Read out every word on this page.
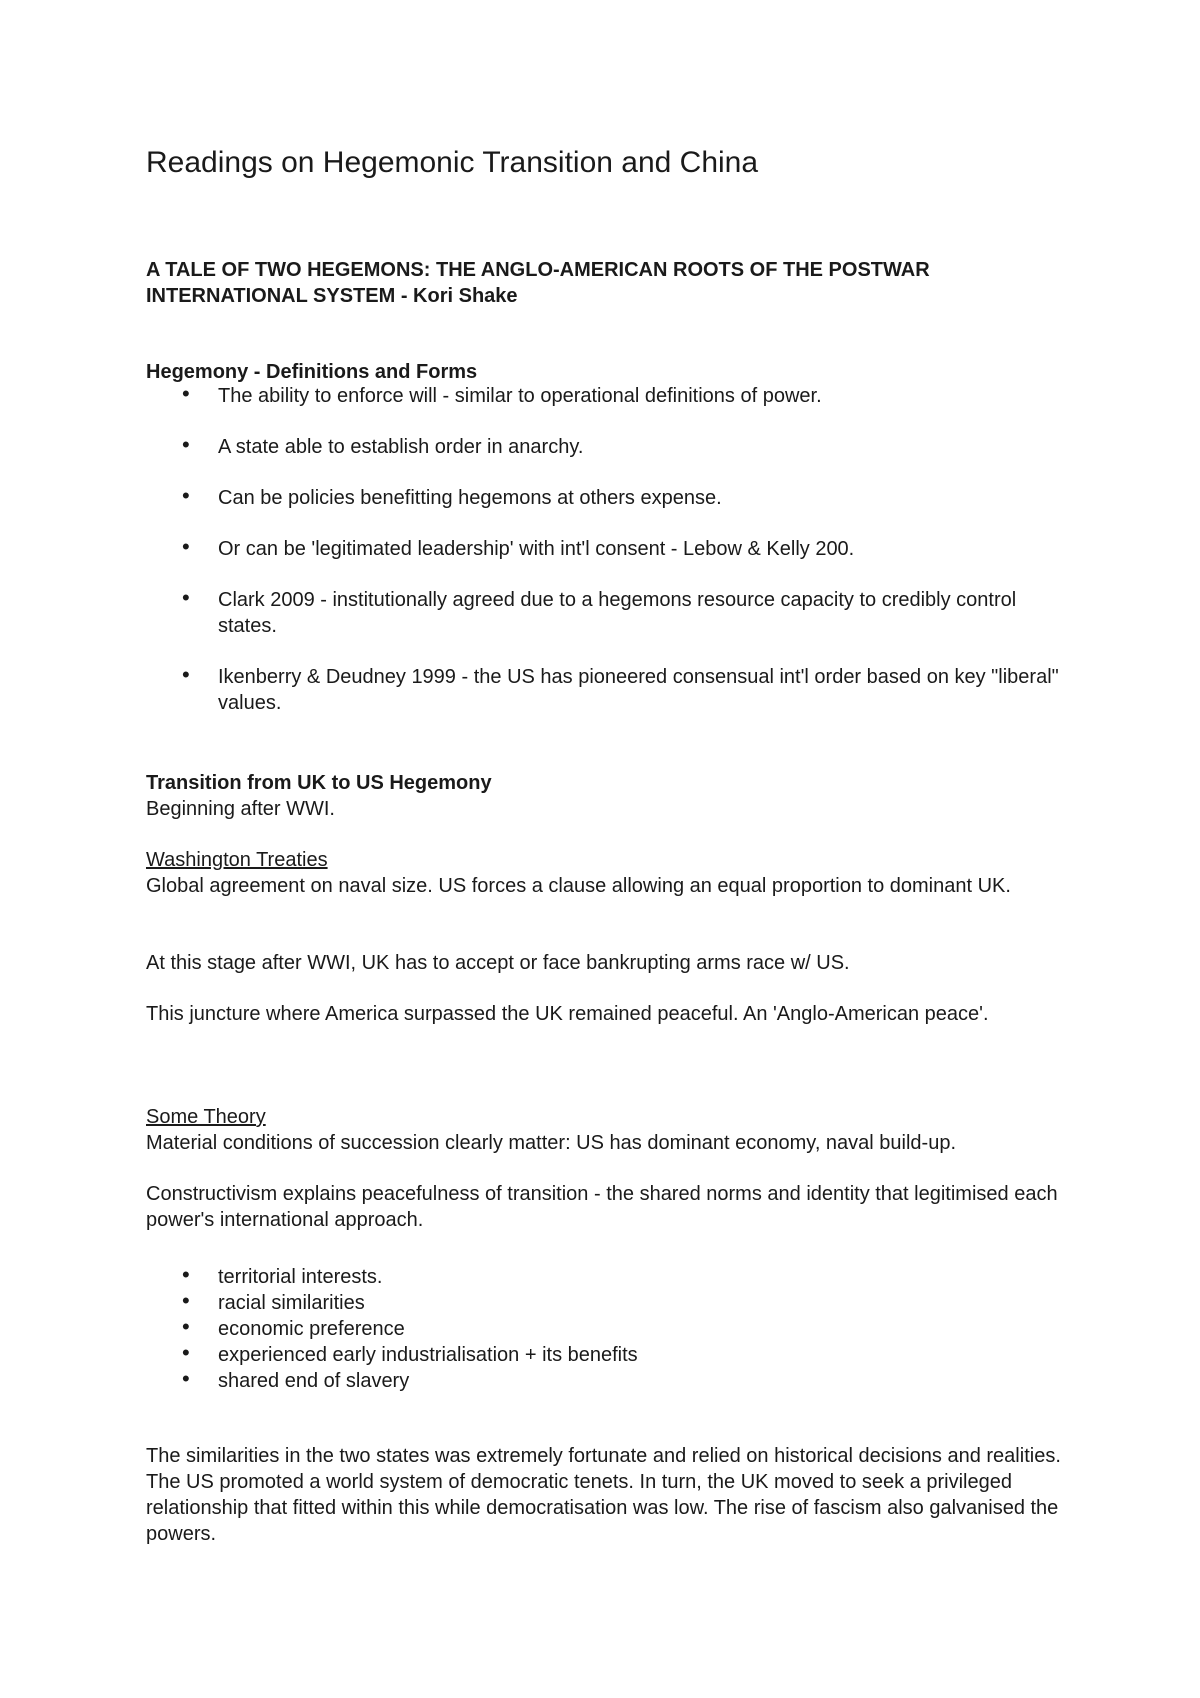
Readings on Hegemonic Transition and China
A TALE OF TWO HEGEMONS: THE ANGLO-AMERICAN ROOTS OF THE POSTWAR
INTERNATIONAL SYSTEM - Kori Shake
Hegemony - Definitions and Forms
• The ability to enforce will - similar to operational definitions of power.
• A state able to establish order in anarchy.
• Can be policies benefitting hegemons at others expense.
• Or can be 'legitimated leadership' with int'l consent - Lebow & Kelly 200.
• Clark 2009 - institutionally agreed due to a hegemons resource capacity to credibly control states.
• Ikenberry & Deudney 1999 - the US has pioneered consensual int'l order based on key "liberal" values.
Transition from UK to US Hegemony

Beginning after WWI.

Washington Treaties

Global agreement on naval size. US forces a clause allowing an equal proportion to dominant UK.

At this stage after WWI, UK has to accept or face bankrupting arms race w/ US.

This juncture where America surpassed the UK remained peaceful. An 'Anglo-American peace'.

Some Theory

Material conditions of succession clearly matter: US has dominant economy, naval build-up.

Constructivism explains peacefulness of transition - the shared norms and identity that legitimised each power's international approach.

• territorial interests.
• racial similarities
• economic preference
• experienced early industrialisation + its benefits
• shared end of slavery

The similarities in the two states was extremely fortunate and relied on historical decisions and realities. The US promoted a world system of democratic tenets. In turn, the UK moved to seek a privileged relationship that fitted within this while democratisation was low. The rise of fascism also galvanised the powers.
